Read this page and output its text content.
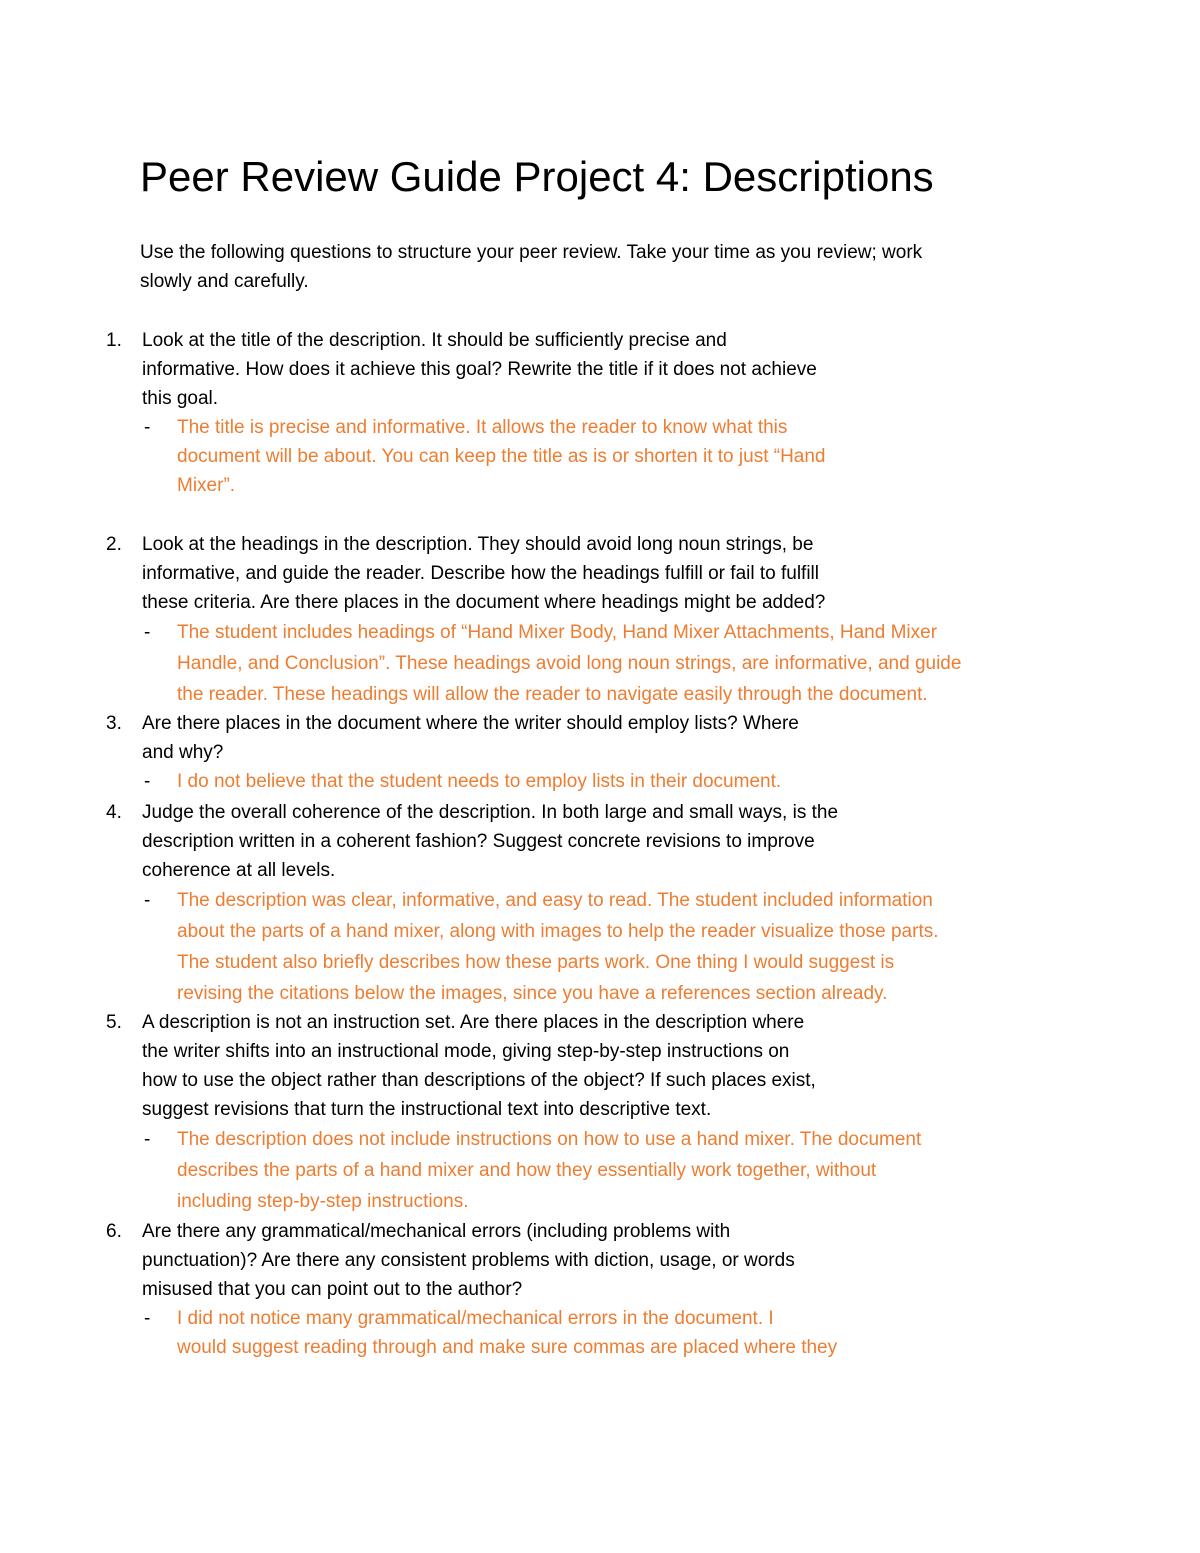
Peer Review Guide Project 4: Descriptions

Use the following questions to structure your peer review. Take your time as you review; work
slowly and carefully.

1. Look at the title of the description. It should be sufficiently precise and
informative. How does it achieve this goal? Rewrite the title if it does not achieve
this goal.

- The title is precise and informative. It allows the reader to know what this
document will be about. You can keep the title as is or shorten it to just “Hand
Mixer”.

2. Look at the headings in the description. They should avoid long noun strings, be
informative, and guide the reader. Describe how the headings fulfill or fail to fulfill
these criteria. Are there places in the document where headings might be added?

- The student includes headings of “Hand Mixer Body, Hand Mixer Attachments, Hand Mixer
Handle, and Conclusion”. These headings avoid long noun strings, are informative, and guide
the reader. These headings will allow the reader to navigate easily through the document.

3. Are there places in the document where the writer should employ lists? Where
and why?

- I do not believe that the student needs to employ lists in their document.

4. Judge the overall coherence of the description. In both large and small ways, is the
description written in a coherent fashion? Suggest concrete revisions to improve
coherence at all levels.

- The description was clear, informative, and easy to read. The student included information
about the parts of a hand mixer, along with images to help the reader visualize those parts.
The student also briefly describes how these parts work. One thing I would suggest is
revising the citations below the images, since you have a references section already.

5. A description is not an instruction set. Are there places in the description where
the writer shifts into an instructional mode, giving step-by-step instructions on
how to use the object rather than descriptions of the object? If such places exist,
suggest revisions that turn the instructional text into descriptive text.

- The description does not include instructions on how to use a hand mixer. The document
describes the parts of a hand mixer and how they essentially work together, without
including step-by-step instructions.

6. Are there any grammatical/mechanical errors (including problems with
punctuation)? Are there any consistent problems with diction, usage, or words
misused that you can point out to the author?

- I did not notice many grammatical/mechanical errors in the document. I
would suggest reading through and make sure commas are placed where they
